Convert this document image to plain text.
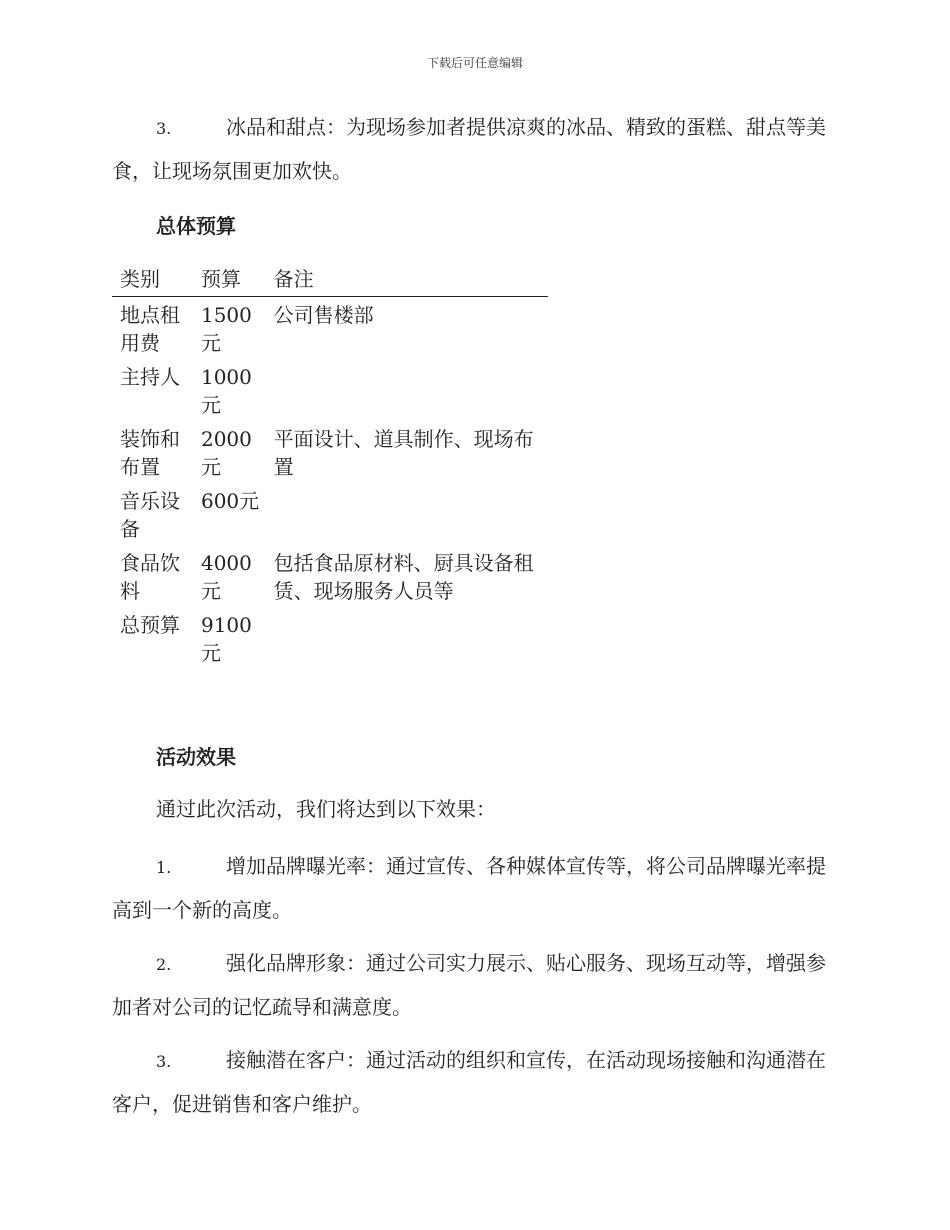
下载后可任意编辑

3.	冰品和甜点：为现场参加者提供凉爽的冰品、精致的蛋糕、甜点等美食，让现场氛围更加欢快。

总体预算
类别	预算	备注
地点租用费	1500元	公司售楼部
主持人	1000元	
装饰和布置	2000元	平面设计、道具制作、现场布置
音乐设备	600元	
食品饮料	4000元	包括食品原材料、厨具设备租赁、现场服务人员等
总预算	9100元	
活动效果

通过此次活动，我们将达到以下效果：

1.	增加品牌曝光率：通过宣传、各种媒体宣传等，将公司品牌曝光率提高到一个新的高度。

2.	强化品牌形象：通过公司实力展示、贴心服务、现场互动等，增强参加者对公司的记忆疏导和满意度。

3.	接触潜在客户：通过活动的组织和宣传，在活动现场接触和沟通潜在客户，促进销售和客户维护。
